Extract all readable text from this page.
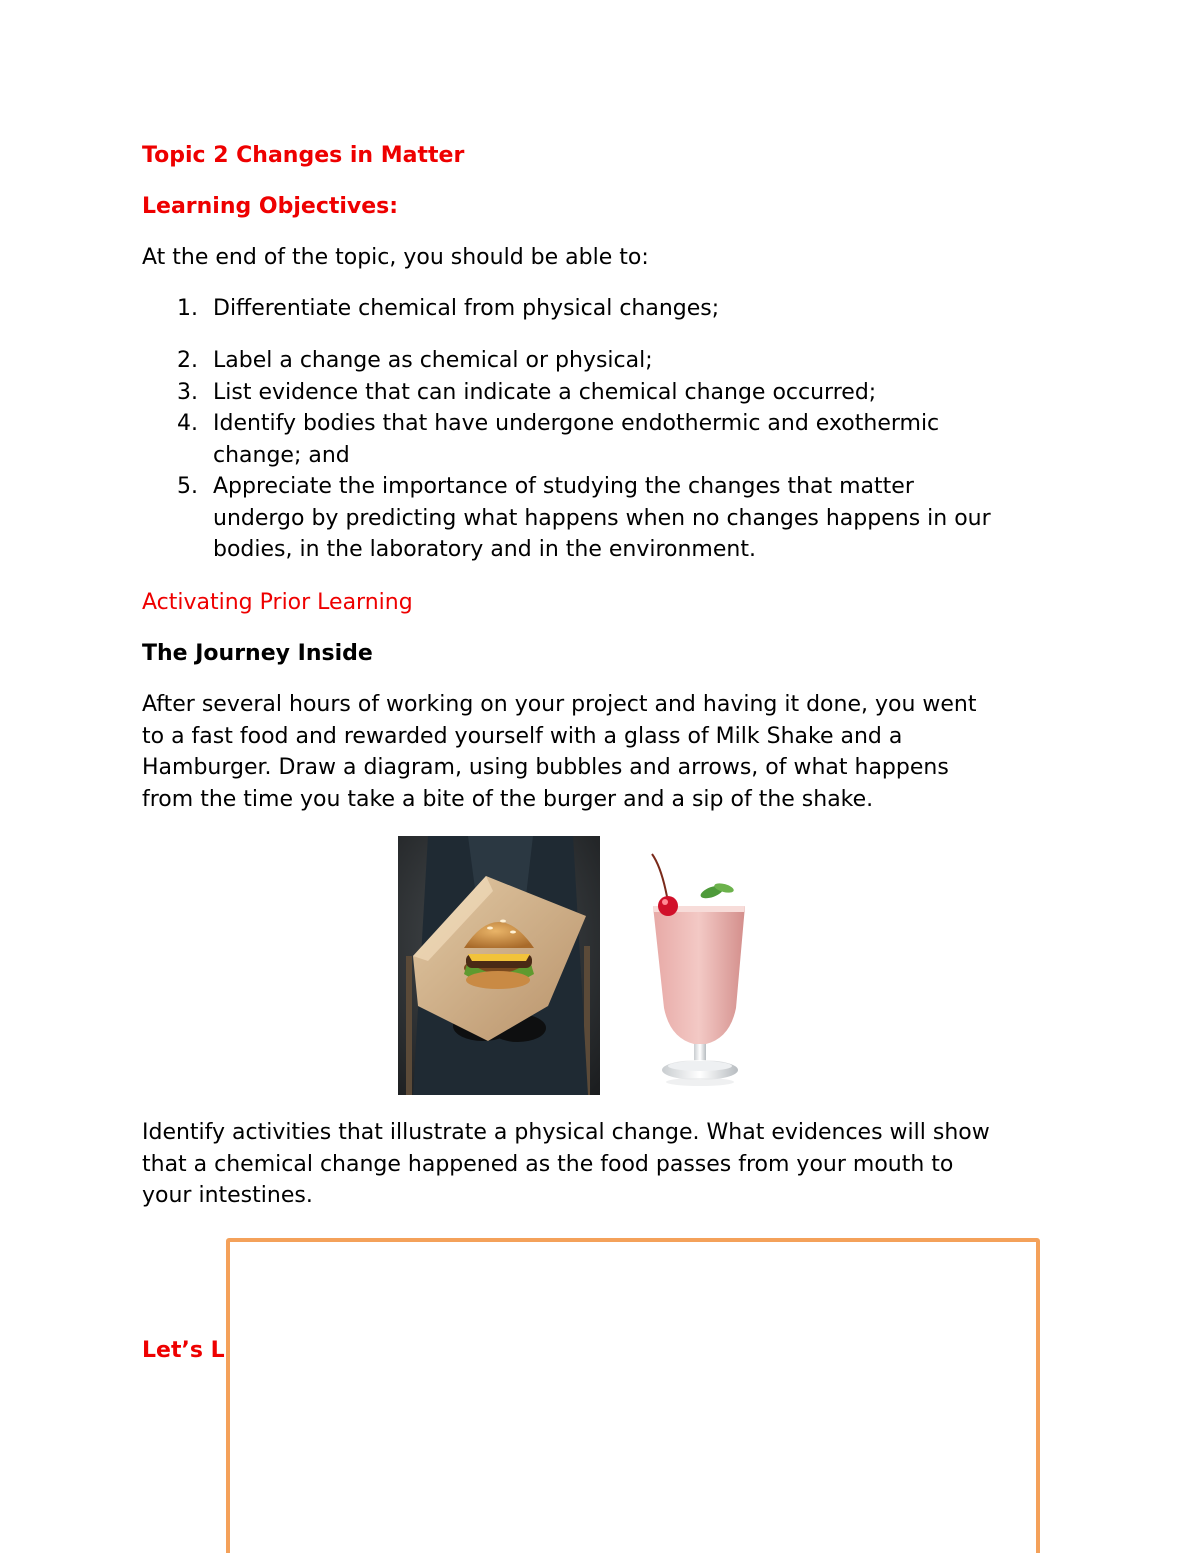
Topic 2 Changes in Matter

Learning Objectives:

At the end of the topic, you should be able to:

1. Differentiate chemical from physical changes;
2. Label a change as chemical or physical;
3. List evidence that can indicate a chemical change occurred;
4. Identify bodies that have undergone endothermic and exothermic
change; and
5. Appreciate the importance of studying the changes that matter
undergo by predicting what happens when no changes happens in our
bodies, in the laboratory and in the environment.

Activating Prior Learning

The Journey Inside

After several hours of working on your project and having it done, you went
to a fast food and rewarded yourself with a glass of Milk Shake and a
Hamburger. Draw a diagram, using bubbles and arrows, of what happens
from the time you take a bite of the burger and a sip of the shake.

Identify activities that illustrate a physical change. What evidences will show
that a chemical change happened as the food passes from your mouth to
your intestines.

Let’s L
